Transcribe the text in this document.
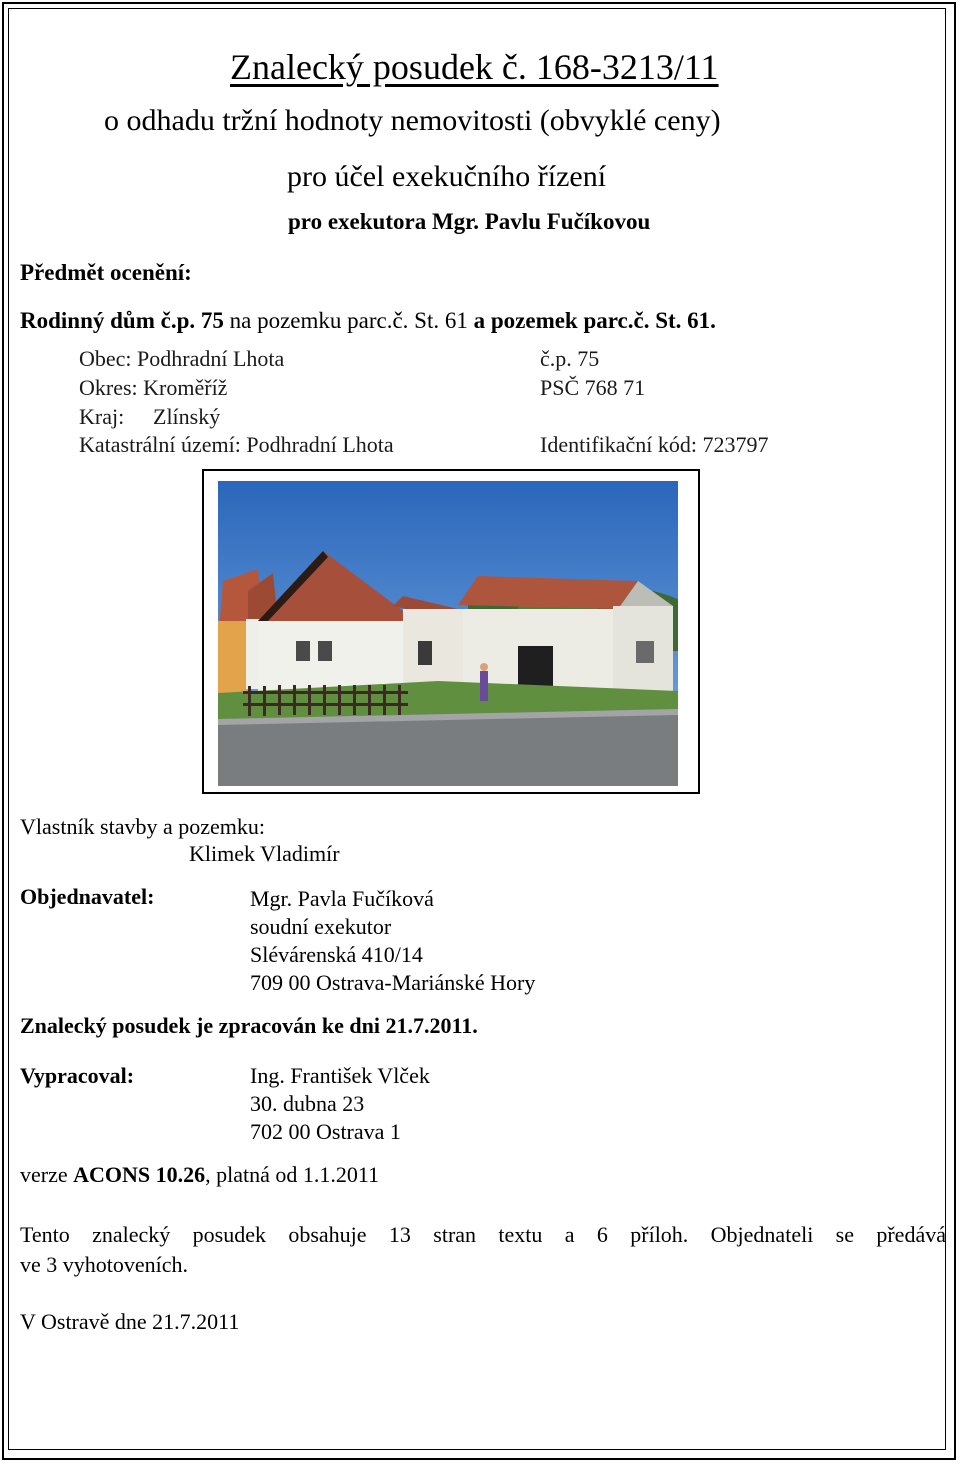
Znalecký posudek č. 168-3213/11
o odhadu tržní hodnoty nemovitosti (obvyklé ceny)
pro účel exekučního řízení
pro exekutora Mgr. Pavlu Fučíkovou
Předmět ocenění:
Rodinný dům č.p. 75 na pozemku parc.č. St. 61 a pozemek parc.č. St. 61.
Obec: Podhradní Lhota	č.p. 75
Okres: Kroměříž	PSČ 768 71
Kraj: Zlínský
Katastrální území: Podhradní Lhota	Identifikační kód: 723797
Vlastník stavby a pozemku:
Klimek Vladimír
Objednavatel:	Mgr. Pavla Fučíková
soudní exekutor
Slévárenská 410/14
709 00 Ostrava-Mariánské Hory
Znalecký posudek je zpracován ke dni 21.7.2011.
Vypracoval:	Ing. František Vlček
30. dubna 23
702 00 Ostrava 1
verze ACONS 10.26, platná od 1.1.2011
Tento znalecký posudek obsahuje 13 stran textu a 6 příloh. Objednateli se předává
ve 3 vyhotoveních.
V Ostravě dne 21.7.2011
